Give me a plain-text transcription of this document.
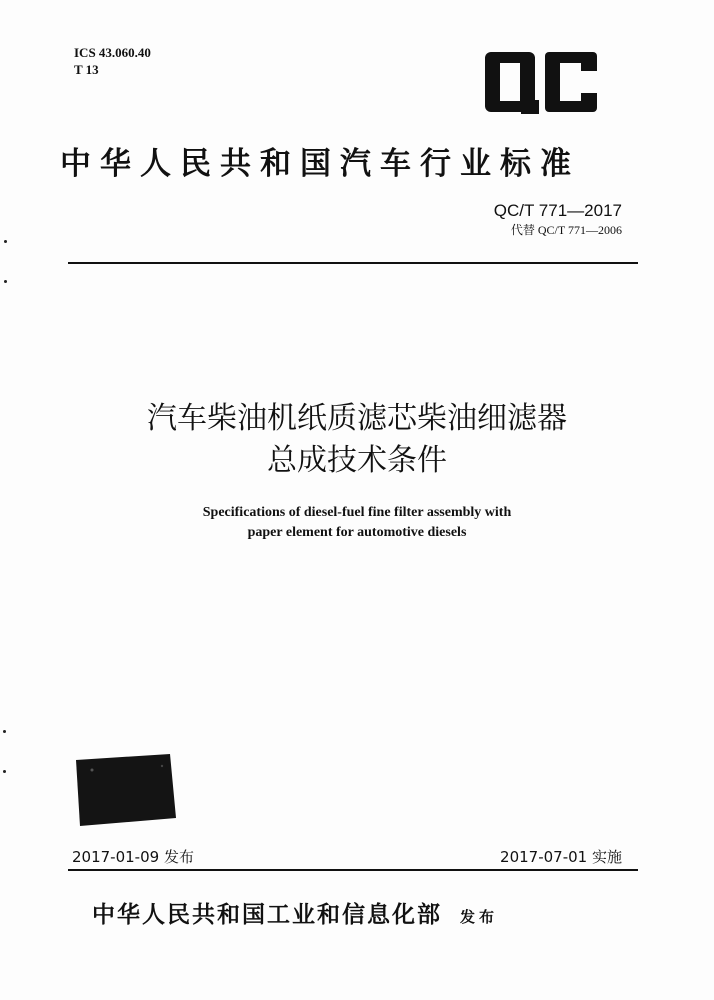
ICS 43.060.40
T 13
中华人民共和国汽车行业标准
QC/T 771—2017
代替 QC/T 771—2006
汽车柴油机纸质滤芯柴油细滤器
总成技术条件
Specifications of diesel-fuel fine filter assembly with
paper element for automotive diesels
2017-01-09 发布	2017-07-01 实施
中华人民共和国工业和信息化部 发布
